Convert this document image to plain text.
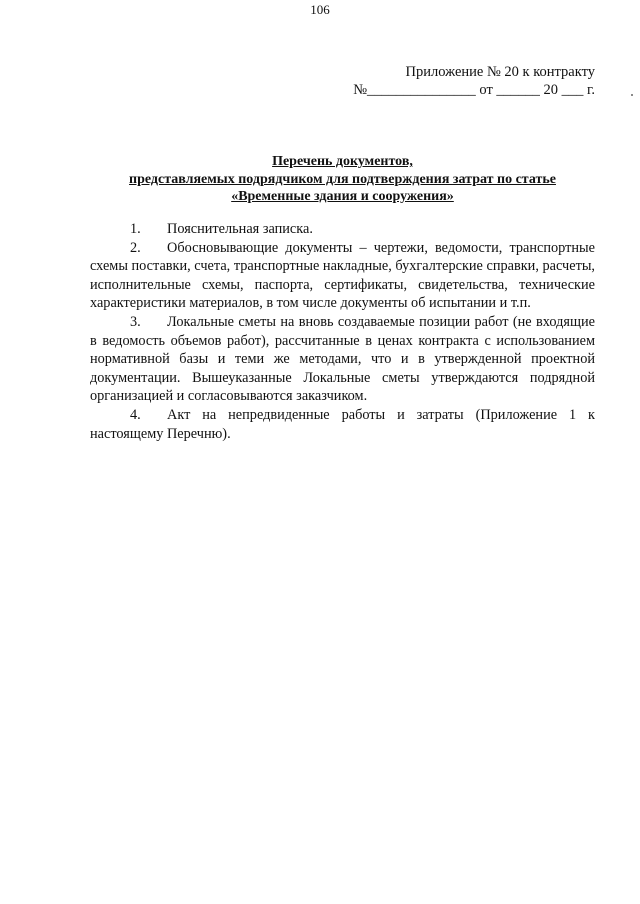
106
Приложение № 20 к контракту
№_______________ от ______ 20 ___ г.
Перечень документов,
представляемых подрядчиком для подтверждения затрат по статье
«Временные здания и сооружения»

1. Пояснительная записка.

2. Обосновывающие документы – чертежи, ведомости, транспортные схемы поставки, счета, транспортные накладные, бухгалтерские справки, расчеты, исполнительные схемы, паспорта, сертификаты, свидетельства, технические характеристики материалов, в том числе документы об испытании и т.п.

3. Локальные сметы на вновь создаваемые позиции работ (не входящие в ведомость объемов работ), рассчитанные в ценах контракта с использованием нормативной базы и теми же методами, что и в утвержденной проектной документации. Вышеуказанные Локальные сметы утверждаются подрядной организацией и согласовываются заказчиком.

4. Акт на непредвиденные работы и затраты (Приложение 1 к настоящему Перечню).
